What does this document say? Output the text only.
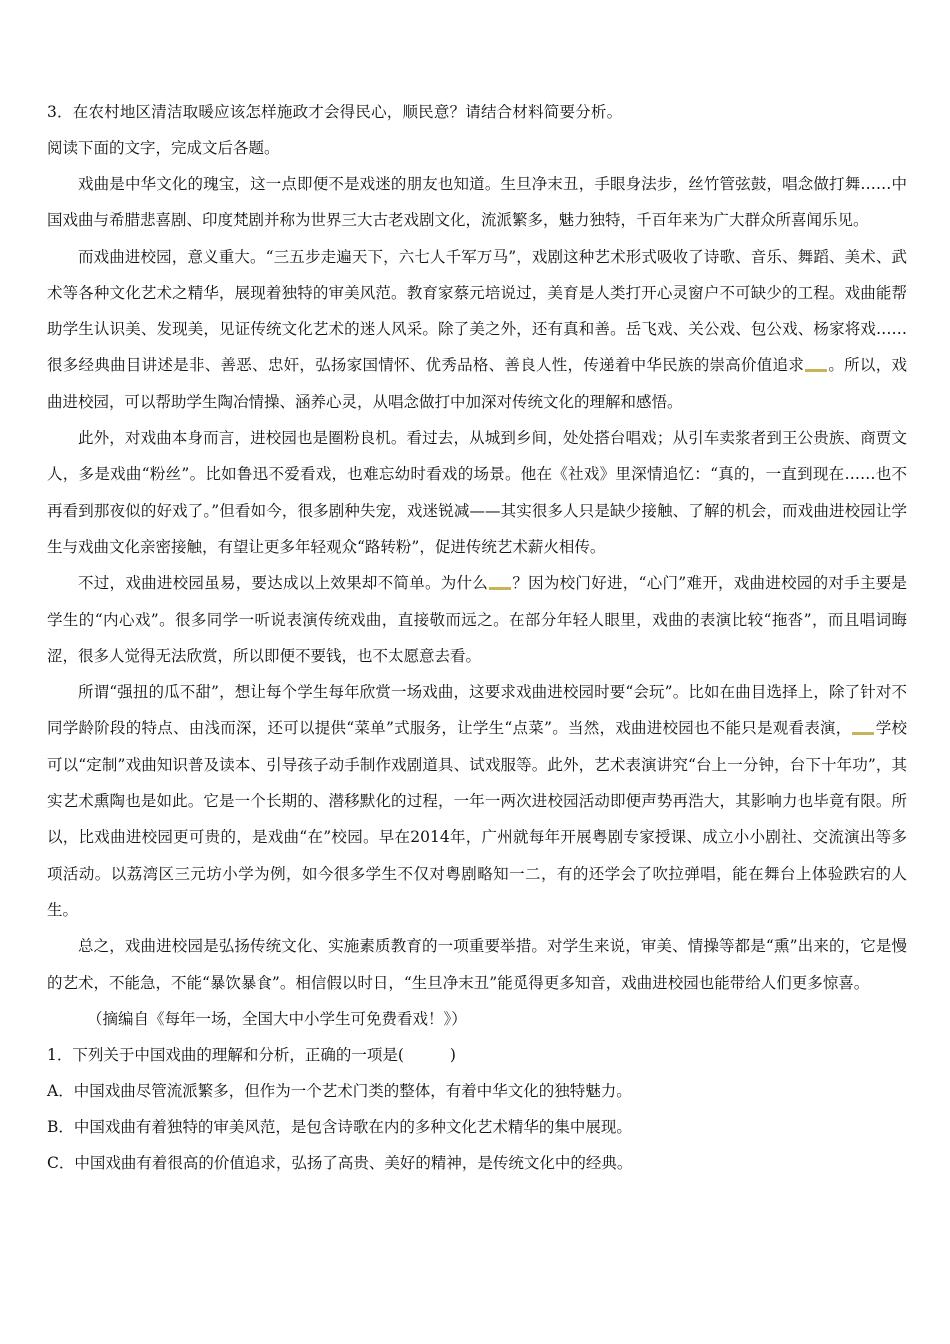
3．在农村地区清洁取暖应该怎样施政才会得民心，顺民意？请结合材料简要分析。
阅读下面的文字，完成文后各题。

戏曲是中华文化的瑰宝，这一点即便不是戏迷的朋友也知道。生旦净末丑，手眼身法步，丝竹管弦鼓，唱念做打舞……中国戏曲与希腊悲喜剧、印度梵剧并称为世界三大古老戏剧文化，流派繁多，魅力独特，千百年来为广大群众所喜闻乐见。

而戏曲进校园，意义重大。“三五步走遍天下，六七人千军万马”，戏剧这种艺术形式吸收了诗歌、音乐、舞蹈、美术、武术等各种文化艺术之精华，展现着独特的审美风范。教育家蔡元培说过，美育是人类打开心灵窗户不可缺少的工程。戏曲能帮助学生认识美、发现美，见证传统文化艺术的迷人风采。除了美之外，还有真和善。岳飞戏、关公戏、包公戏、杨家将戏……很多经典曲目讲述是非、善恶、忠奸，弘扬家国情怀、优秀品格、善良人性，传递着中华民族的崇高价值追求 。所以，戏曲进校园，可以帮助学生陶冶情操、涵养心灵，从唱念做打中加深对传统文化的理解和感悟。

此外，对戏曲本身而言，进校园也是圈粉良机。看过去，从城到乡间，处处搭台唱戏；从引车卖浆者到王公贵族、商贾文人，多是戏曲“粉丝”。比如鲁迅不爱看戏，也难忘幼时看戏的场景。他在《社戏》里深情追忆：“真的，一直到现在……也不再看到那夜似的好戏了。”但看如今，很多剧种失宠，戏迷锐减——其实很多人只是缺少接触、了解的机会，而戏曲进校园让学生与戏曲文化亲密接触，有望让更多年轻观众“路转粉”，促进传统艺术薪火相传。

不过，戏曲进校园虽易，要达成以上效果却不简单。为什么 ？因为校门好进，“心门”难开，戏曲进校园的对手主要是学生的“内心戏”。很多同学一听说表演传统戏曲，直接敬而远之。在部分年轻人眼里，戏曲的表演比较“拖沓”，而且唱词晦涩，很多人觉得无法欣赏，所以即便不要钱，也不太愿意去看。

所谓“强扭的瓜不甜”，想让每个学生每年欣赏一场戏曲，这要求戏曲进校园时要“会玩”。比如在曲目选择上，除了针对不同学龄阶段的特点、由浅而深，还可以提供“菜单”式服务，让学生“点菜”。当然，戏曲进校园也不能只是观看表演， 学校可以“定制”戏曲知识普及读本、引导孩子动手制作戏剧道具、试戏服等。此外，艺术表演讲究“台上一分钟，台下十年功”，其实艺术熏陶也是如此。它是一个长期的、潜移默化的过程，一年一两次进校园活动即便声势再浩大，其影响力也毕竟有限。所以，比戏曲进校园更可贵的，是戏曲“在”校园。早在2014年，广州就每年开展粤剧专家授课、成立小小剧社、交流演出等多项活动。以荔湾区三元坊小学为例，如今很多学生不仅对粤剧略知一二，有的还学会了吹拉弹唱，能在舞台上体验跌宕的人生。

总之，戏曲进校园是弘扬传统文化、实施素质教育的一项重要举措。对学生来说，审美、情操等都是“熏”出来的，它是慢的艺术，不能急，不能“暴饮暴食”。相信假以时日，“生旦净末丑”能觅得更多知音，戏曲进校园也能带给人们更多惊喜。

（摘编自《每年一场，全国大中小学生可免费看戏！》）
1．下列关于中国戏曲的理解和分析，正确的一项是(	)
A．中国戏曲尽管流派繁多，但作为一个艺术门类的整体，有着中华文化的独特魅力。
B．中国戏曲有着独特的审美风范，是包含诗歌在内的多种文化艺术精华的集中展现。
C．中国戏曲有着很高的价值追求，弘扬了高贵、美好的精神，是传统文化中的经典。
